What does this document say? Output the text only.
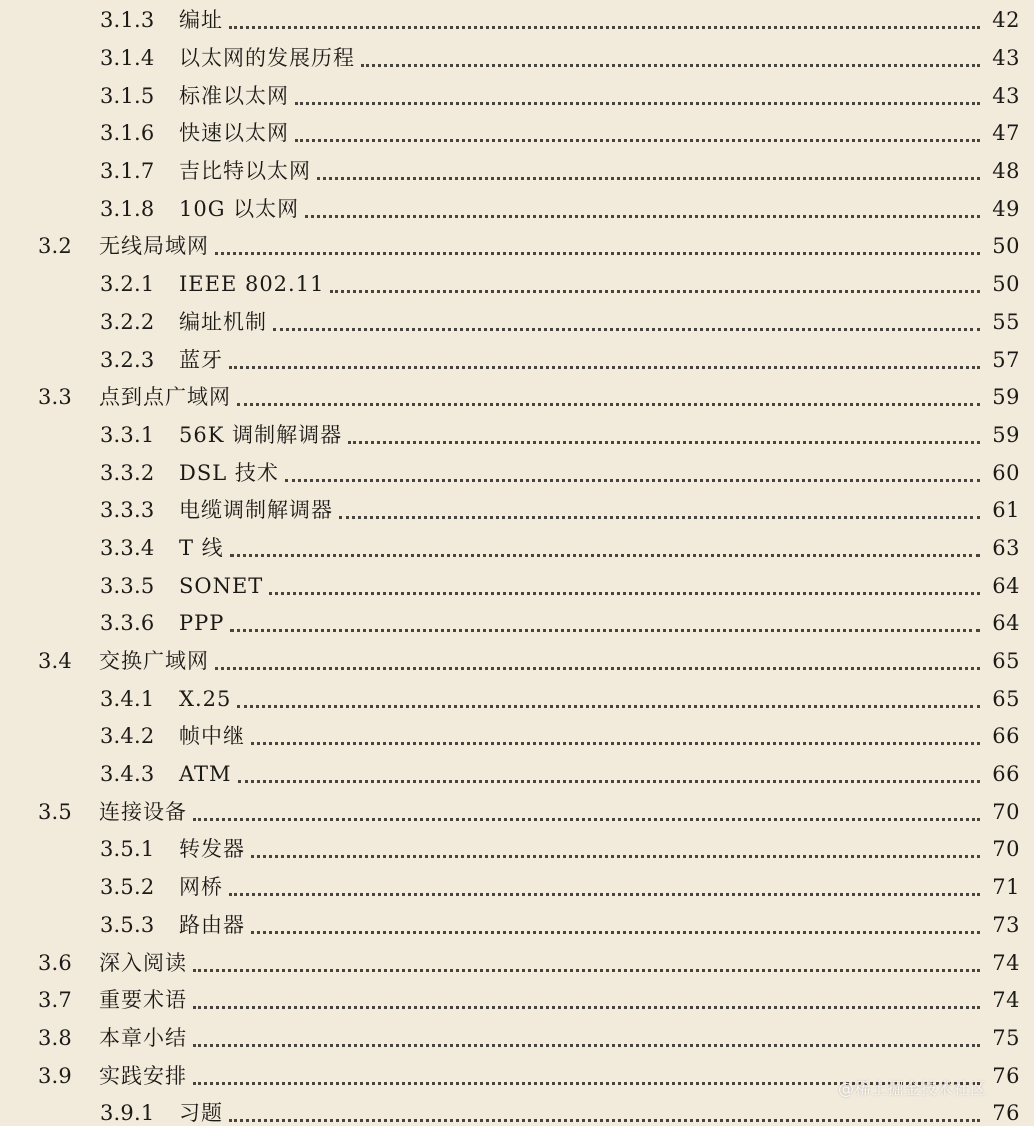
3.1.3	编址	42
3.1.4	以太网的发展历程	43
3.1.5	标准以太网	43
3.1.6	快速以太网	47
3.1.7	吉比特以太网	48
3.1.8	10G 以太网	49
3.2	无线局域网	50
3.2.1	IEEE 802.11	50
3.2.2	编址机制	55
3.2.3	蓝牙	57
3.3	点到点广域网	59
3.3.1	56K 调制解调器	59
3.3.2	DSL 技术	60
3.3.3	电缆调制解调器	61
3.3.4	T 线	63
3.3.5	SONET	64
3.3.6	PPP	64
3.4	交换广域网	65
3.4.1	X.25	65
3.4.2	帧中继	66
3.4.3	ATM	66
3.5	连接设备	70
3.5.1	转发器	70
3.5.2	网桥	71
3.5.3	路由器	73
3.6	深入阅读	74
3.7	重要术语	74
3.8	本章小结	75
3.9	实践安排	76
3.9.1	习题	76
@稀土掘金技术社区
